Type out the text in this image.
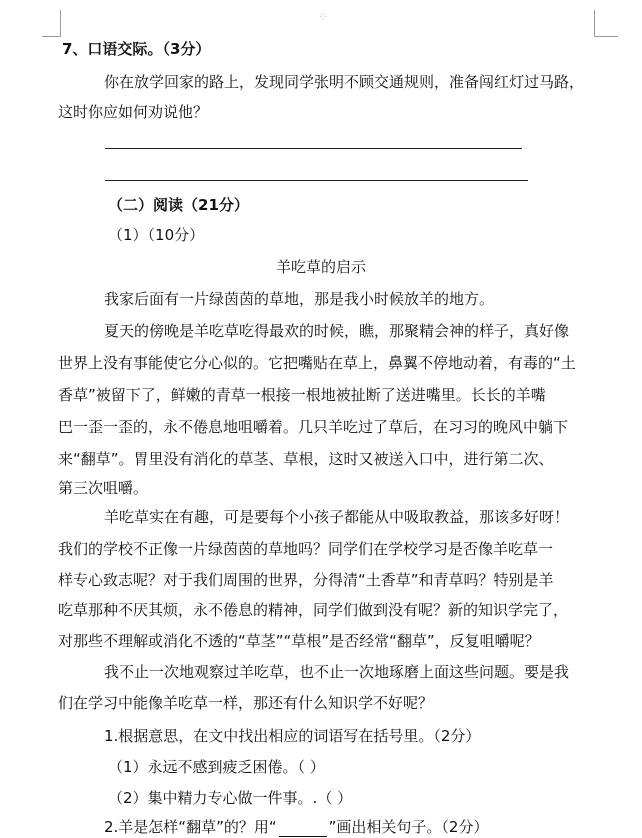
⁘
7、口语交际。（3分）
你在放学回家的路上，发现同学张明不顾交通规则，准备闯红灯过马路，
这时你应如何劝说他？
（二）阅读（21分）
（1）（10分）
羊吃草的启示
我家后面有一片绿茵茵的草地，那是我小时候放羊的地方。
夏天的傍晚是羊吃草吃得最欢的时候，瞧，那聚精会神的样子，真好像
世界上没有事能使它分心似的。它把嘴贴在草上，鼻翼不停地动着，有毒的“土
香草”被留下了，鲜嫩的青草一根接一根地被扯断了送进嘴里。长长的羊嘴
巴一歪一歪的，永不倦息地咀嚼着。几只羊吃过了草后，在习习的晚风中躺下
来“翻草”。胃里没有消化的草茎、草根，这时又被送入口中，进行第二次、
第三次咀嚼。
羊吃草实在有趣，可是要每个小孩子都能从中吸取教益，那该多好呀！
我们的学校不正像一片绿茵茵的草地吗？同学们在学校学习是否像羊吃草一
样专心致志呢？对于我们周围的世界，分得清“土香草”和青草吗？特别是羊
吃草那种不厌其烦，永不倦息的精神，同学们做到没有呢？新的知识学完了，
对那些不理解或消化不透的“草茎”“草根”是否经常“翻草”，反复咀嚼呢？
我不止一次地观察过羊吃草，也不止一次地琢磨上面这些问题。要是我
们在学习中能像羊吃草一样，那还有什么知识学不好呢？
1.根据意思，在文中找出相应的词语写在括号里。（2分）
（1）永远不感到疲乏困倦。（ ）
（2）集中精力专心做一件事。.（ ）
2.羊是怎样“翻草”的？用“	”画出相关句子。（2分）
